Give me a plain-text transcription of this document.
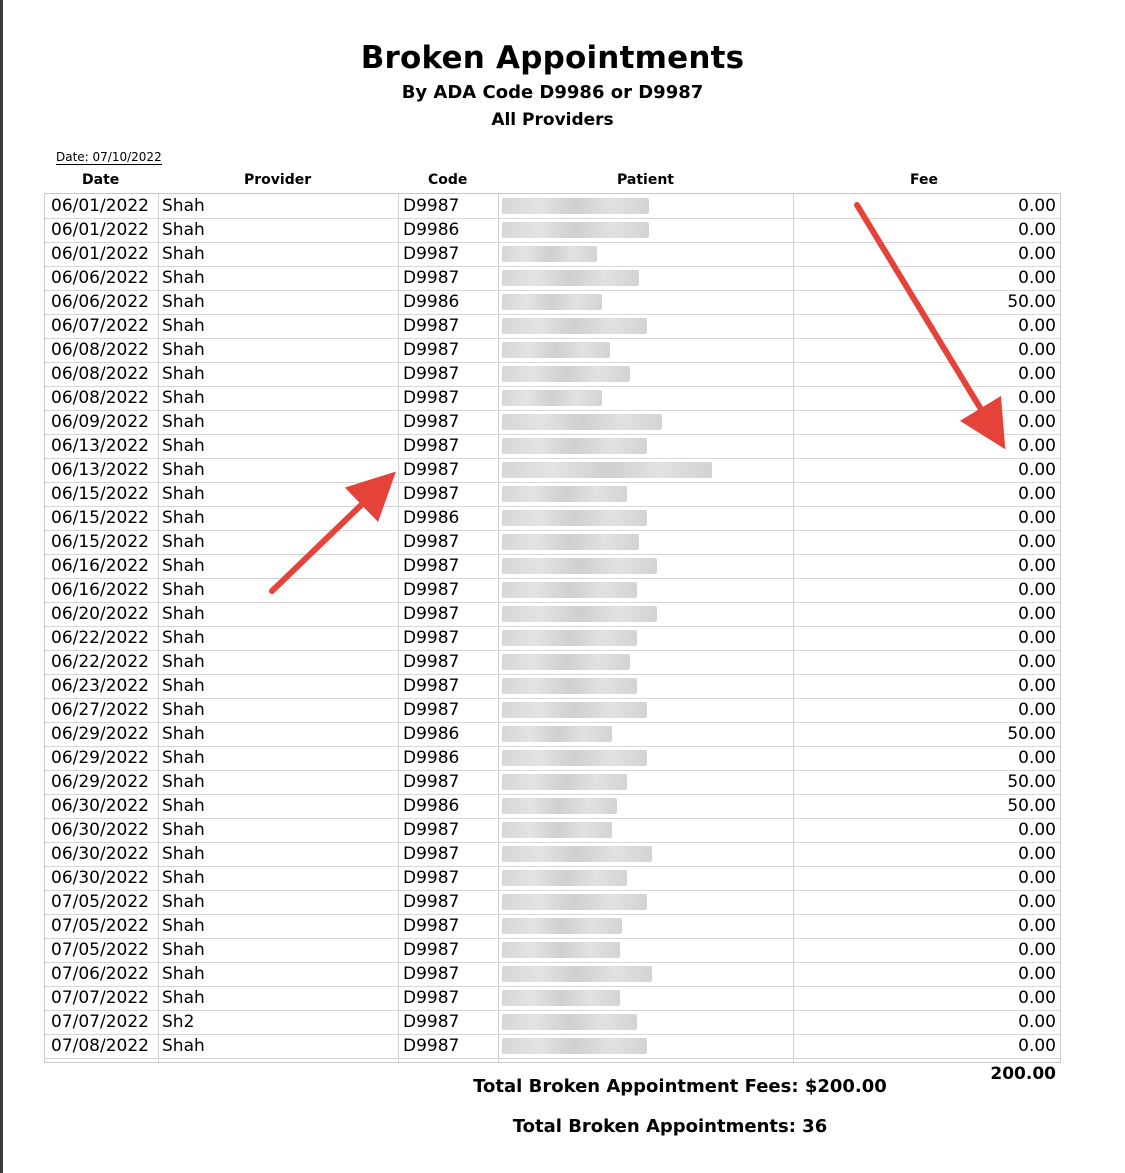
Broken Appointments
By ADA Code D9986 or D9987
All Providers
Date: 07/10/2022
Date	Provider	Code	Patient	Fee
06/01/2022 Shah	D9987	0.00
06/01/2022 Shah	D9986	0.00
06/01/2022 Shah	D9987	0.00
06/06/2022 Shah	D9987	0.00
06/06/2022 Shah	D9986	50.00
06/07/2022 Shah	D9987	0.00
06/08/2022 Shah	D9987	0.00
06/08/2022 Shah	D9987	0.00
06/08/2022 Shah	D9987	0.00
06/09/2022 Shah	D9987	0.00
06/13/2022 Shah	D9987	0.00
06/13/2022 Shah	D9987	0.00
06/15/2022 Shah	D9987	0.00
06/15/2022 Shah	D9986	0.00
06/15/2022 Shah	D9987	0.00
06/16/2022 Shah	D9987	0.00
06/16/2022 Shah	D9987	0.00
06/20/2022 Shah	D9987	0.00
06/22/2022 Shah	D9987	0.00
06/22/2022 Shah	D9987	0.00
06/23/2022 Shah	D9987	0.00
06/27/2022 Shah	D9987	0.00
06/29/2022 Shah	D9986	50.00
06/29/2022 Shah	D9986	0.00
06/29/2022 Shah	D9987	50.00
06/30/2022 Shah	D9986	50.00
06/30/2022 Shah	D9987	0.00
06/30/2022 Shah	D9987	0.00
06/30/2022 Shah	D9987	0.00
07/05/2022 Shah	D9987	0.00
07/05/2022 Shah	D9987	0.00
07/05/2022 Shah	D9987	0.00
07/06/2022 Shah	D9987	0.00
07/07/2022 Shah	D9987	0.00
07/07/2022 Sh2	D9987	0.00
07/08/2022 Shah	D9987	0.00
200.00
Total Broken Appointment Fees: $200.00
Total Broken Appointments: 36
